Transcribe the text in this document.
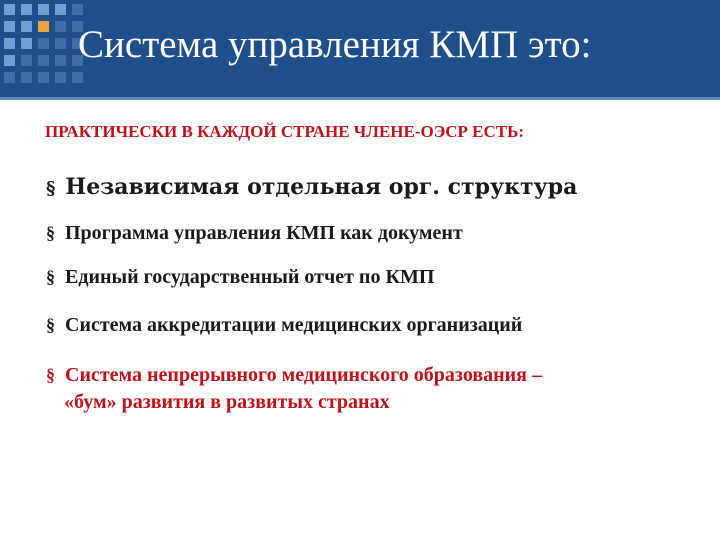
Система управления КМП это:
ПРАКТИЧЕСКИ В КАЖДОЙ СТРАНЕ ЧЛЕНЕ-ОЭСР ЕСТЬ:
§ Независимая отдельная орг. структура
§ Программа управления КМП как документ
§ Единый государственный отчет по КМП
§ Система аккредитации медицинских организаций
§ Система непрерывного медицинского образования –
«бум» развития в развитых странах
